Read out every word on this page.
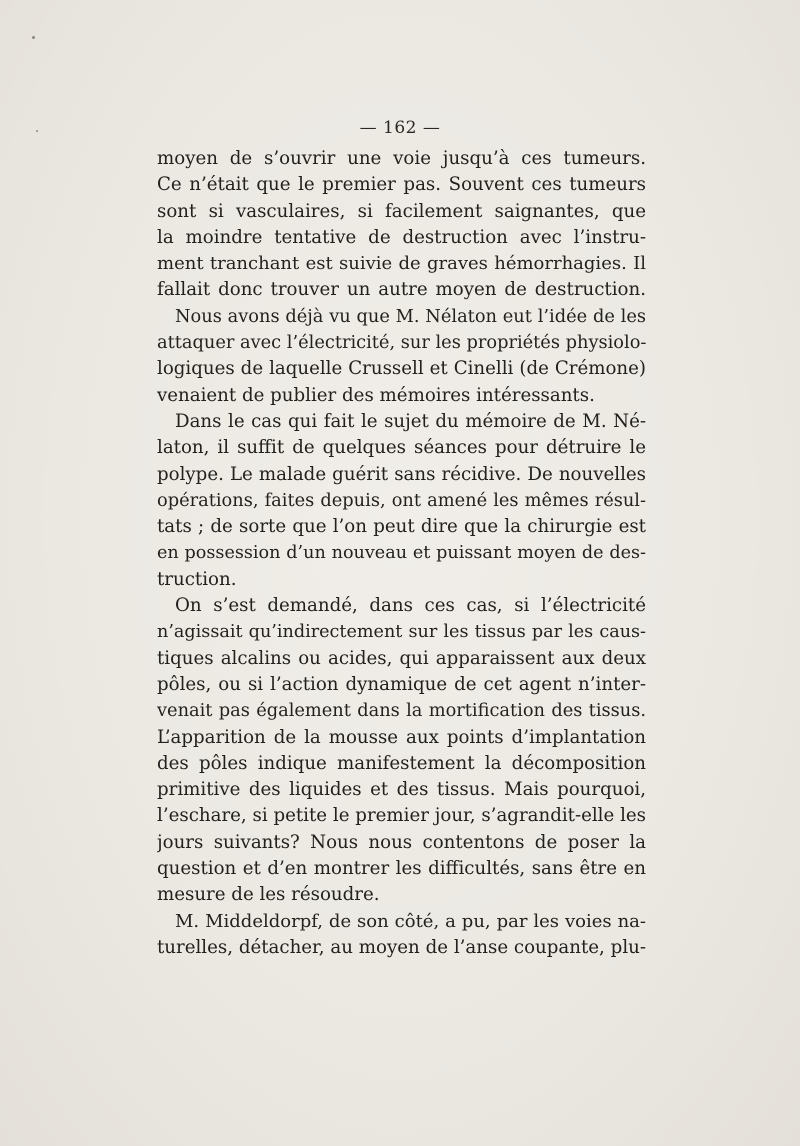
— 162 —
moyen de s’ouvrir une voie jusqu’à ces tumeurs.
Ce n’était que le premier pas. Souvent ces tumeurs
sont si vasculaires, si facilement saignantes, que
la moindre tentative de destruction avec l’instru-
ment tranchant est suivie de graves hémorrhagies. Il
fallait donc trouver un autre moyen de destruction.
Nous avons déjà vu que M. Nélaton eut l’idée de les
attaquer avec l’électricité, sur les propriétés physiolo-
logiques de laquelle Crussell et Cinelli (de Crémone)
venaient de publier des mémoires intéressants.
Dans le cas qui fait le sujet du mémoire de M. Né-
laton, il suffit de quelques séances pour détruire le
polype. Le malade guérit sans récidive. De nouvelles
opérations, faites depuis, ont amené les mêmes résul-
tats ; de sorte que l’on peut dire que la chirurgie est
en possession d’un nouveau et puissant moyen de des-
truction.
On s’est demandé, dans ces cas, si l’électricité
n’agissait qu’indirectement sur les tissus par les caus-
tiques alcalins ou acides, qui apparaissent aux deux
pôles, ou si l’action dynamique de cet agent n’inter-
venait pas également dans la mortification des tissus.
L’apparition de la mousse aux points d’implantation
des pôles indique manifestement la décomposition
primitive des liquides et des tissus. Mais pourquoi,
l’eschare, si petite le premier jour, s’agrandit-elle les
jours suivants? Nous nous contentons de poser la
question et d’en montrer les difficultés, sans être en
mesure de les résoudre.
M. Middeldorpf, de son côté, a pu, par les voies na-
turelles, détacher, au moyen de l’anse coupante, plu-
